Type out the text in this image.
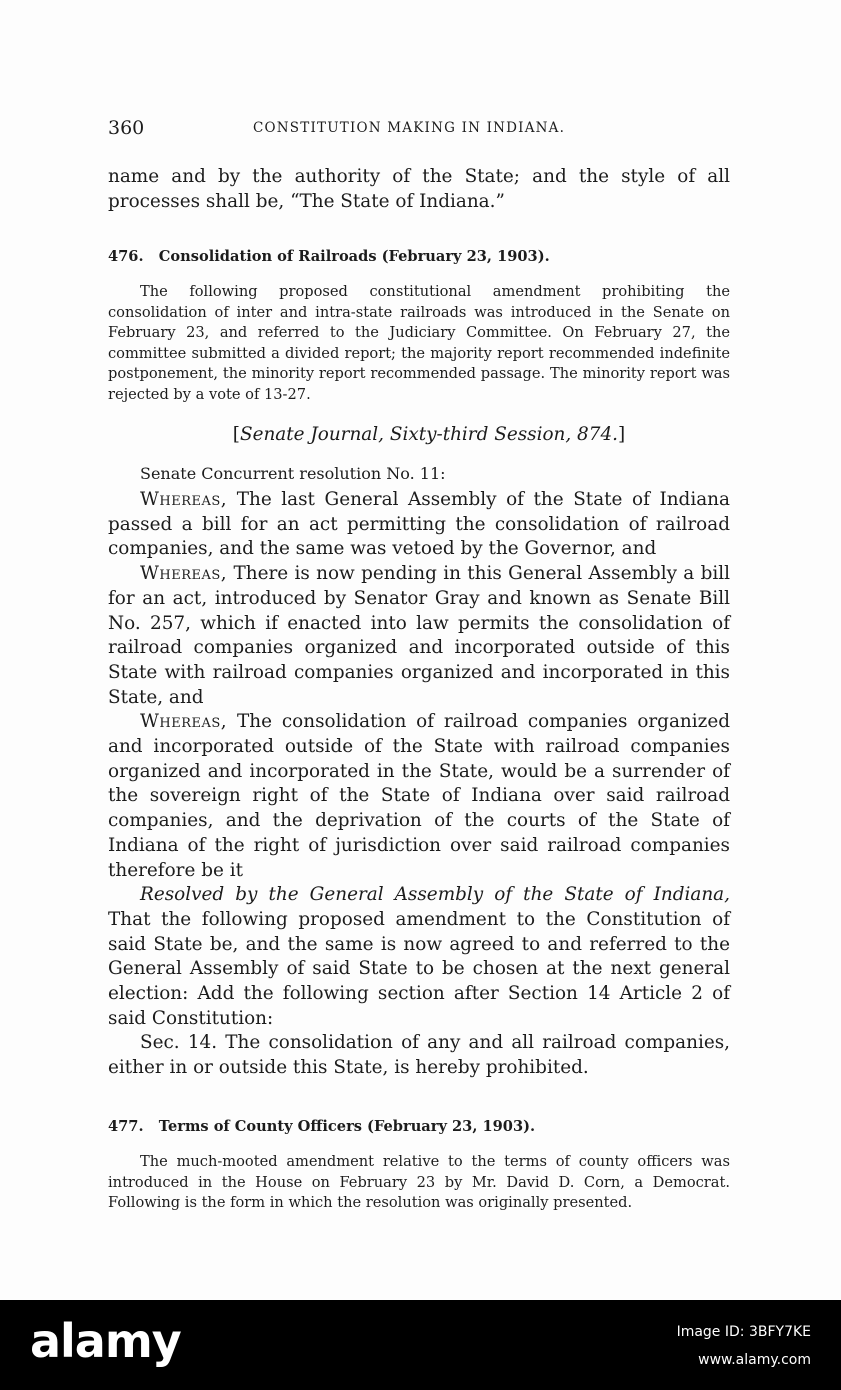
360	CONSTITUTION MAKING IN INDIANA.

name and by the authority of the State; and the style of all processes shall be, “The State of Indiana.”

476. Consolidation of Railroads (February 23, 1903).

The following proposed constitutional amendment prohibiting the consolidation of inter and intra-state railroads was introduced in the Senate on February 23, and referred to the Judiciary Committee. On February 27, the committee submitted a divided report; the majority report recommended indefinite postponement, the minority report recommended passage. The minority report was rejected by a vote of 13-27.

[Senate Journal, Sixty-third Session, 874.]

Senate Concurrent resolution No. 11:

Whereas, The last General Assembly of the State of Indiana passed a bill for an act permitting the consolidation of railroad companies, and the same was vetoed by the Governor, and

Whereas, There is now pending in this General Assembly a bill for an act, introduced by Senator Gray and known as Senate Bill No. 257, which if enacted into law permits the consolidation of railroad companies organized and incorporated outside of this State with railroad companies organized and incorporated in this State, and

Whereas, The consolidation of railroad companies organized and incorporated outside of the State with railroad companies organized and incorporated in the State, would be a surrender of the sovereign right of the State of Indiana over said railroad companies, and the deprivation of the courts of the State of Indiana of the right of jurisdiction over said railroad companies therefore be it

Resolved by the General Assembly of the State of Indiana, That the following proposed amendment to the Constitution of said State be, and the same is now agreed to and referred to the General Assembly of said State to be chosen at the next general election: Add the following section after Section 14 Article 2 of said Constitution:

Sec. 14. The consolidation of any and all railroad companies, either in or outside this State, is hereby prohibited.

477. Terms of County Officers (February 23, 1903).

The much-mooted amendment relative to the terms of county officers was introduced in the House on February 23 by Mr. David D. Corn, a Democrat. Following is the form in which the resolution was originally presented.

alamy	Image ID: 3BFY7KE
www.alamy.com
